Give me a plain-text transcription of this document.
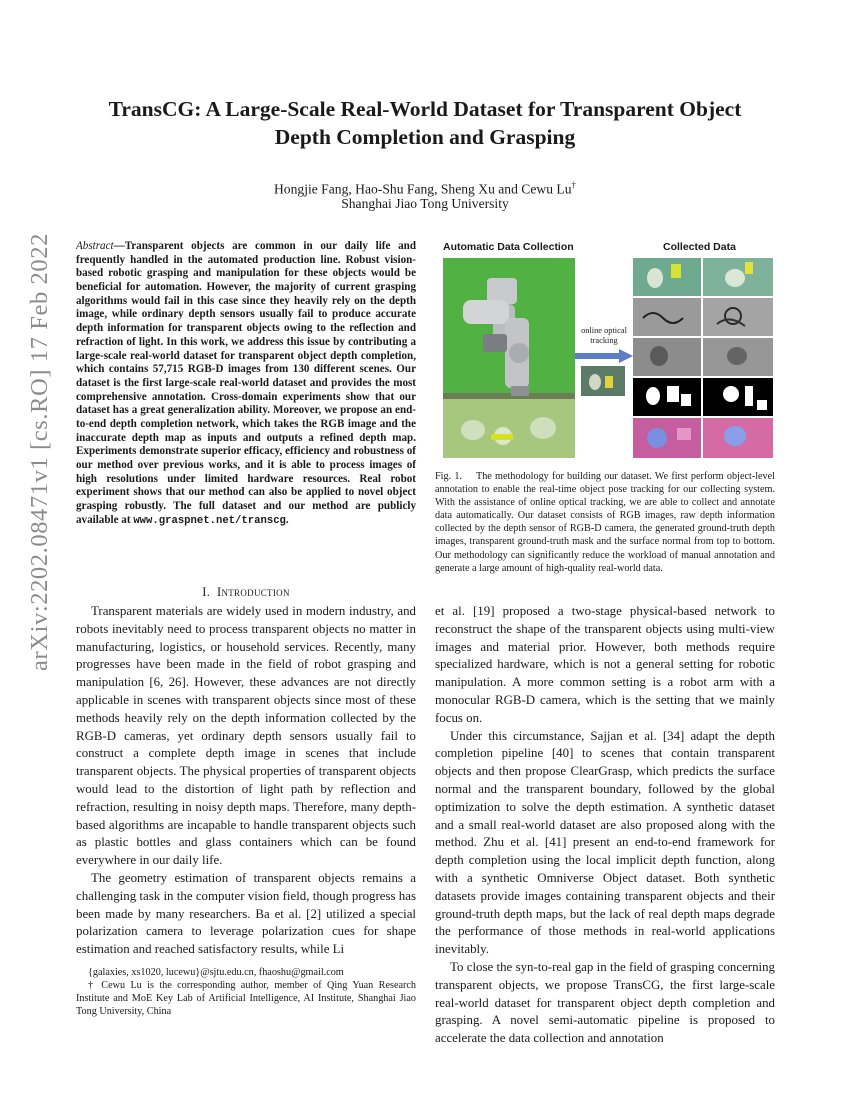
arXiv:2202.08471v1 [cs.RO] 17 Feb 2022
TransCG: A Large-Scale Real-World Dataset for Transparent Object
Depth Completion and Grasping
Hongjie Fang, Hao-Shu Fang, Sheng Xu and Cewu Lu†
Shanghai Jiao Tong University
Abstract—Transparent objects are common in our daily life and frequently handled in the automated production line. Robust vision-based robotic grasping and manipulation for these objects would be beneficial for automation. However, the majority of current grasping algorithms would fail in this case since they heavily rely on the depth image, while ordinary depth sensors usually fail to produce accurate depth information for transparent objects owing to the reflection and refraction of light. In this work, we address this issue by contributing a large-scale real-world dataset for transparent object depth completion, which contains 57,715 RGB-D images from 130 different scenes. Our dataset is the first large-scale real-world dataset and provides the most comprehensive annotation. Cross-domain experiments show that our dataset has a great generalization ability. Moreover, we propose an end-to-end depth completion network, which takes the RGB image and the inaccurate depth map as inputs and outputs a refined depth map. Experiments demonstrate superior efficacy, efficiency and robustness of our method over previous works, and it is able to process images of high resolutions under limited hardware resources. Real robot experiment shows that our method can also be applied to novel object grasping robustly. The full dataset and our method are publicly available at www.graspnet.net/transcg.
I. Introduction

Transparent materials are widely used in modern industry, and robots inevitably need to process transparent objects no matter in manufacturing, logistics, or household services. Recently, many progresses have been made in the field of robot grasping and manipulation [6, 26]. However, these advances are not directly applicable in scenes with transparent objects since most of these methods heavily rely on the depth information collected by the RGB-D cameras, yet ordinary depth sensors usually fail to construct a complete depth image in scenes that include transparent objects. The physical properties of transparent objects would lead to the distortion of light path by reflection and refraction, resulting in noisy depth maps. Therefore, many depth-based algorithms are incapable to handle transparent objects such as plastic bottles and glass containers which can be found everywhere in our daily life.

The geometry estimation of transparent objects remains a challenging task in the computer vision field, though progress has been made by many researchers. Ba et al. [2] utilized a special polarization camera to leverage polarization cues for shape estimation and reached satisfactory results, while Li

{galaxies, xs1020, lucewu}@sjtu.edu.cn, fhaoshu@gmail.com

† Cewu Lu is the corresponding author, member of Qing Yuan Research Institute and MoE Key Lab of Artificial Intelligence, AI Institute, Shanghai Jiao Tong University, China

Automatic Data Collection	Collected Data
online optical tracking
Fig. 1. The methodology for building our dataset. We first perform object-level annotation to enable the real-time object pose tracking for our collecting system. With the assistance of online optical tracking, we are able to collect and annotate data automatically. Our dataset consists of RGB images, raw depth information collected by the depth sensor of RGB-D camera, the generated ground-truth depth images, transparent ground-truth mask and the surface normal from top to bottom. Our methodology can significantly reduce the workload of manual annotation and generate a large amount of high-quality real-world data.

et al. [19] proposed a two-stage physical-based network to reconstruct the shape of the transparent objects using multi-view images and material prior. However, both methods require specialized hardware, which is not a general setting for robotic manipulation. A more common setting is a robot arm with a monocular RGB-D camera, which is the setting that we mainly focus on.

Under this circumstance, Sajjan et al. [34] adapt the depth completion pipeline [40] to scenes that contain transparent objects and then propose ClearGrasp, which predicts the surface normal and the transparent boundary, followed by the global optimization to solve the depth estimation. A synthetic dataset and a small real-world dataset are also proposed along with the method. Zhu et al. [41] present an end-to-end framework for depth completion using the local implicit depth function, along with a synthetic Omniverse Object dataset. Both synthetic datasets provide images containing transparent objects and their ground-truth depth maps, but the lack of real depth maps degrade the performance of those methods in real-world applications inevitably.

To close the syn-to-real gap in the field of grasping concerning transparent objects, we propose TransCG, the first large-scale real-world dataset for transparent object depth completion and grasping. A novel semi-automatic pipeline is proposed to accelerate the data collection and annotation
